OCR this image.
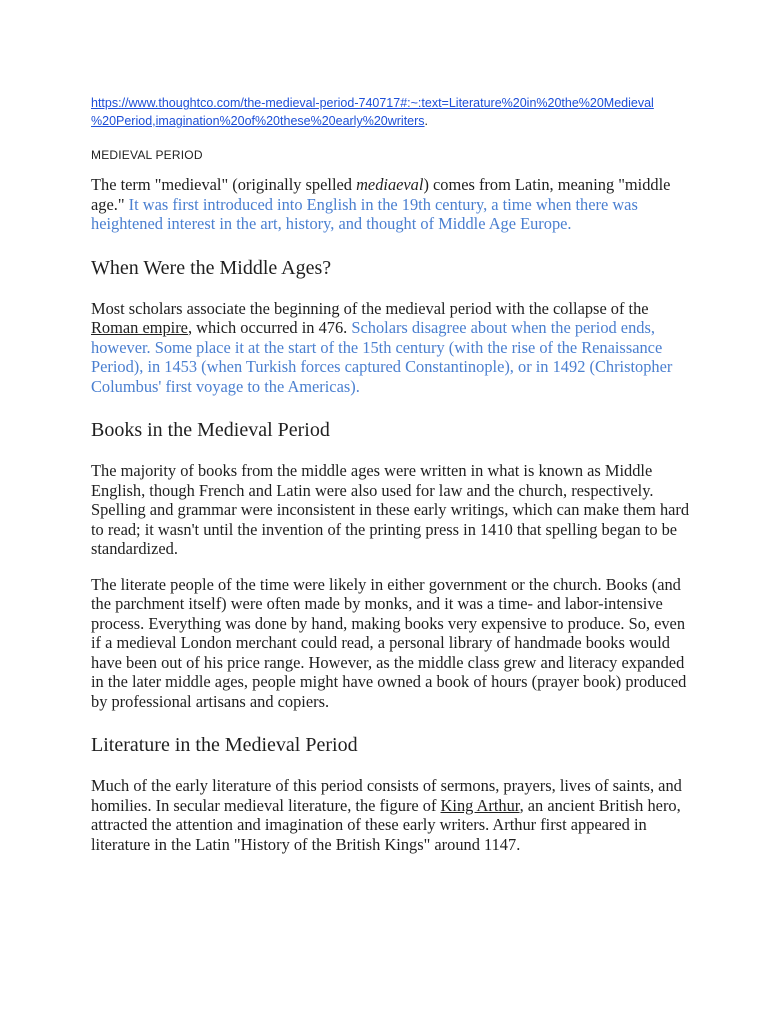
https://www.thoughtco.com/the-medieval-period-740717#:~:text=Literature%20in%20the%20Medieval
%20Period,imagination%20of%20these%20early%20writers.
MEDIEVAL PERIOD

The term "medieval" (originally spelled mediaeval) comes from Latin, meaning "middle age." It was first introduced into English in the 19th century, a time when there was heightened interest in the art, history, and thought of Middle Age Europe.

When Were the Middle Ages?

Most scholars associate the beginning of the medieval period with the collapse of the Roman empire, which occurred in 476. Scholars disagree about when the period ends, however. Some place it at the start of the 15th century (with the rise of the Renaissance Period), in 1453 (when Turkish forces captured Constantinople), or in 1492 (Christopher Columbus' first voyage to the Americas).

Books in the Medieval Period

The majority of books from the middle ages were written in what is known as Middle English, though French and Latin were also used for law and the church, respectively. Spelling and grammar were inconsistent in these early writings, which can make them hard to read; it wasn't until the invention of the printing press in 1410 that spelling began to be standardized.

The literate people of the time were likely in either government or the church. Books (and the parchment itself) were often made by monks, and it was a time- and labor-intensive process. Everything was done by hand, making books very expensive to produce. So, even if a medieval London merchant could read, a personal library of handmade books would have been out of his price range. However, as the middle class grew and literacy expanded in the later middle ages, people might have owned a book of hours (prayer book) produced by professional artisans and copiers.

Literature in the Medieval Period

Much of the early literature of this period consists of sermons, prayers, lives of saints, and homilies. In secular medieval literature, the figure of King Arthur, an ancient British hero, attracted the attention and imagination of these early writers. Arthur first appeared in literature in the Latin "History of the British Kings" around 1147.
